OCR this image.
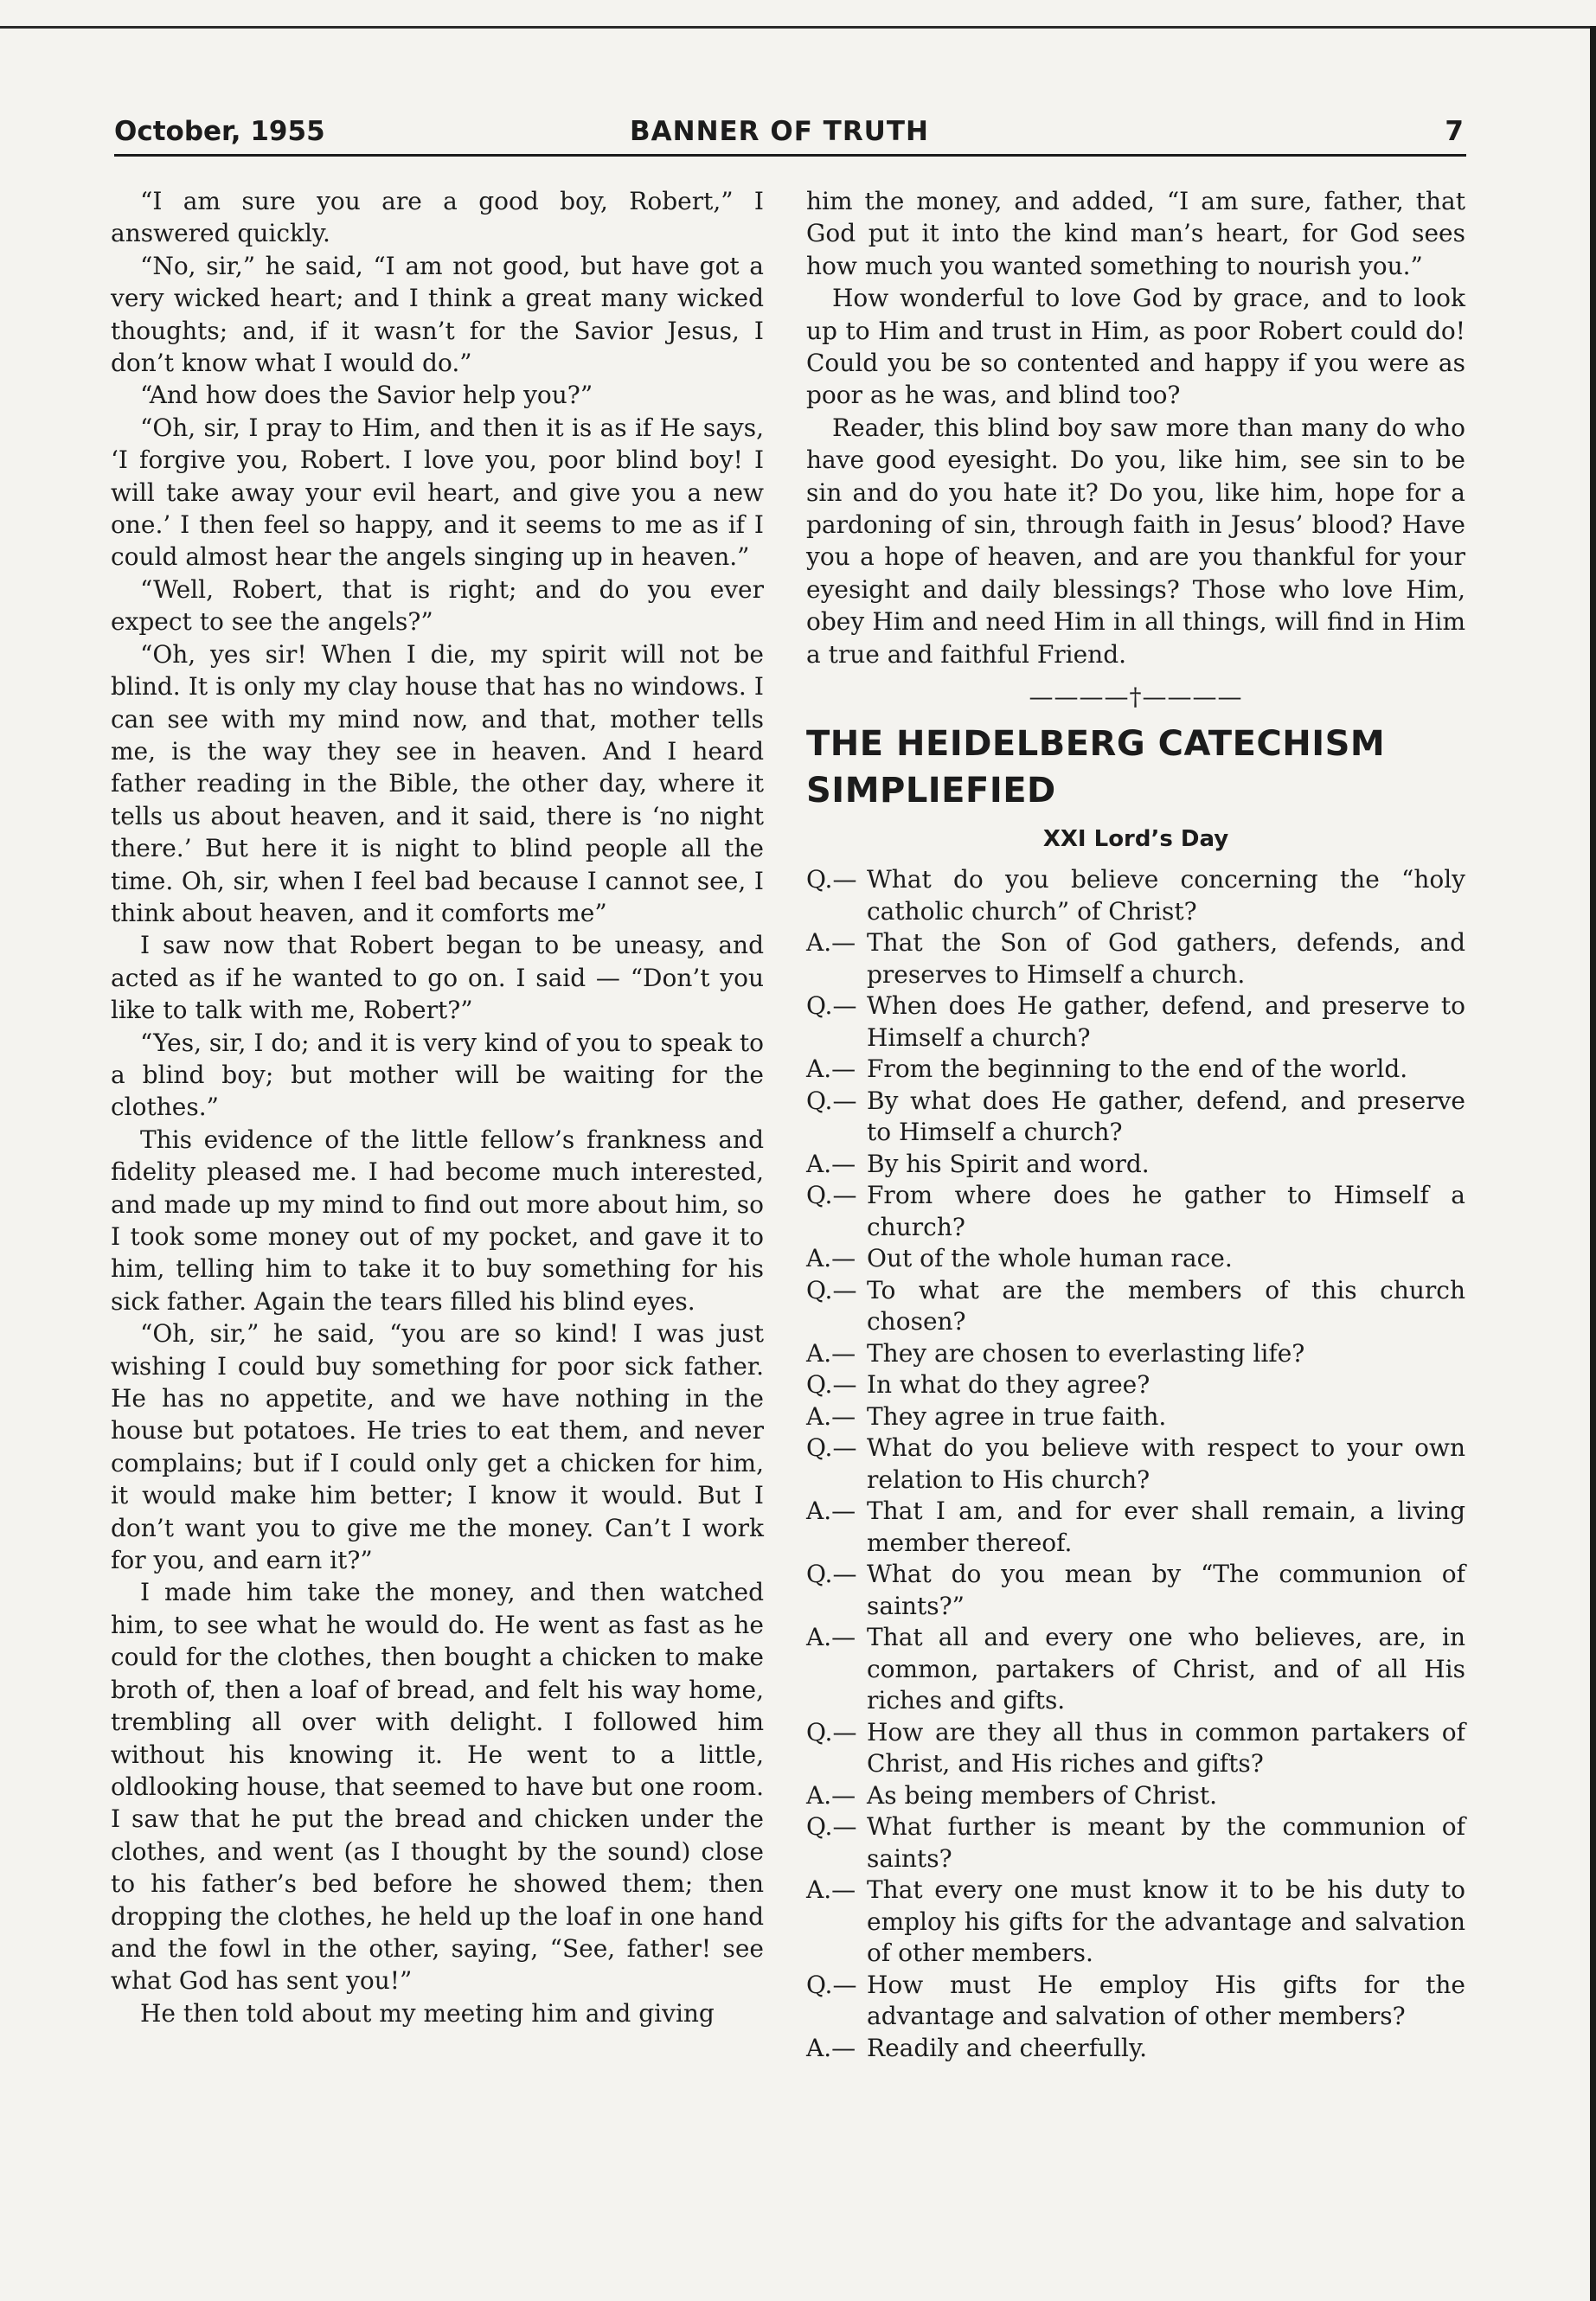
October, 1955	BANNER OF TRUTH	7

“I am sure you are a good boy, Robert,” I answered quickly.

“No, sir,” he said, “I am not good, but have got a very wicked heart; and I think a great many wicked thoughts; and, if it wasn’t for the Savior Jesus, I don’t know what I would do.”

“And how does the Savior help you?”

“Oh, sir, I pray to Him, and then it is as if He says, ‘I forgive you, Robert. I love you, poor blind boy! I will take away your evil heart, and give you a new one.’ I then feel so happy, and it seems to me as if I could almost hear the angels singing up in heaven.”

“Well, Robert, that is right; and do you ever expect to see the angels?”

“Oh, yes sir! When I die, my spirit will not be blind. It is only my clay house that has no windows. I can see with my mind now, and that, mother tells me, is the way they see in heaven. And I heard father reading in the Bible, the other day, where it tells us about heaven, and it said, there is ‘no night there.’ But here it is night to blind people all the time. Oh, sir, when I feel bad because I cannot see, I think about heaven, and it comforts me”

I saw now that Robert began to be uneasy, and acted as if he wanted to go on. I said — “Don’t you like to talk with me, Robert?”

“Yes, sir, I do; and it is very kind of you to speak to a blind boy; but mother will be waiting for the clothes.”

This evidence of the little fellow’s frankness and fidelity pleased me. I had become much interested, and made up my mind to find out more about him, so I took some money out of my pocket, and gave it to him, telling him to take it to buy something for his sick father. Again the tears filled his blind eyes.

“Oh, sir,” he said, “you are so kind! I was just wishing I could buy something for poor sick father. He has no appetite, and we have nothing in the house but potatoes. He tries to eat them, and never complains; but if I could only get a chicken for him, it would make him better; I know it would. But I don’t want you to give me the money. Can’t I work for you, and earn it?”

I made him take the money, and then watched him, to see what he would do. He went as fast as he could for the clothes, then bought a chicken to make broth of, then a loaf of bread, and felt his way home, trembling all over with delight. I followed him without his knowing it. He went to a little, oldlooking house, that seemed to have but one room. I saw that he put the bread and chicken under the clothes, and went (as I thought by the sound) close to his father’s bed before he showed them; then dropping the clothes, he held up the loaf in one hand and the fowl in the other, saying, “See, father! see what God has sent you!”

He then told about my meeting him and giving

him the money, and added, “I am sure, father, that God put it into the kind man’s heart, for God sees how much you wanted something to nourish you.”

How wonderful to love God by grace, and to look up to Him and trust in Him, as poor Robert could do! Could you be so contented and happy if you were as poor as he was, and blind too?

Reader, this blind boy saw more than many do who have good eyesight. Do you, like him, see sin to be sin and do you hate it? Do you, like him, hope for a pardoning of sin, through faith in Jesus’ blood? Have you a hope of heaven, and are you thankful for your eyesight and daily blessings? Those who love Him, obey Him and need Him in all things, will find in Him a true and faithful Friend.

————†————
THE HEIDELBERG CATECHISM SIMPLIEFIED
XXI Lord’s Day
Q.— What do you believe concerning the “holy catholic church” of Christ?
A.— That the Son of God gathers, defends, and preserves to Himself a church.
Q.— When does He gather, defend, and preserve to Himself a church?
A.— From the beginning to the end of the world.
Q.— By what does He gather, defend, and preserve to Himself a church?
A.— By his Spirit and word.
Q.— From where does he gather to Himself a church?
A.— Out of the whole human race.
Q.— To what are the members of this church chosen?
A.— They are chosen to everlasting life?
Q.— In what do they agree?
A.— They agree in true faith.
Q.— What do you believe with respect to your own relation to His church?
A.— That I am, and for ever shall remain, a living member thereof.
Q.— What do you mean by “The communion of saints?”
A.— That all and every one who believes, are, in common, partakers of Christ, and of all His riches and gifts.
Q.— How are they all thus in common partakers of Christ, and His riches and gifts?
A.— As being members of Christ.
Q.— What further is meant by the communion of saints?
A.— That every one must know it to be his duty to employ his gifts for the advantage and salvation of other members.
Q.— How must He employ His gifts for the advantage and salvation of other members?
A.— Readily and cheerfully.
